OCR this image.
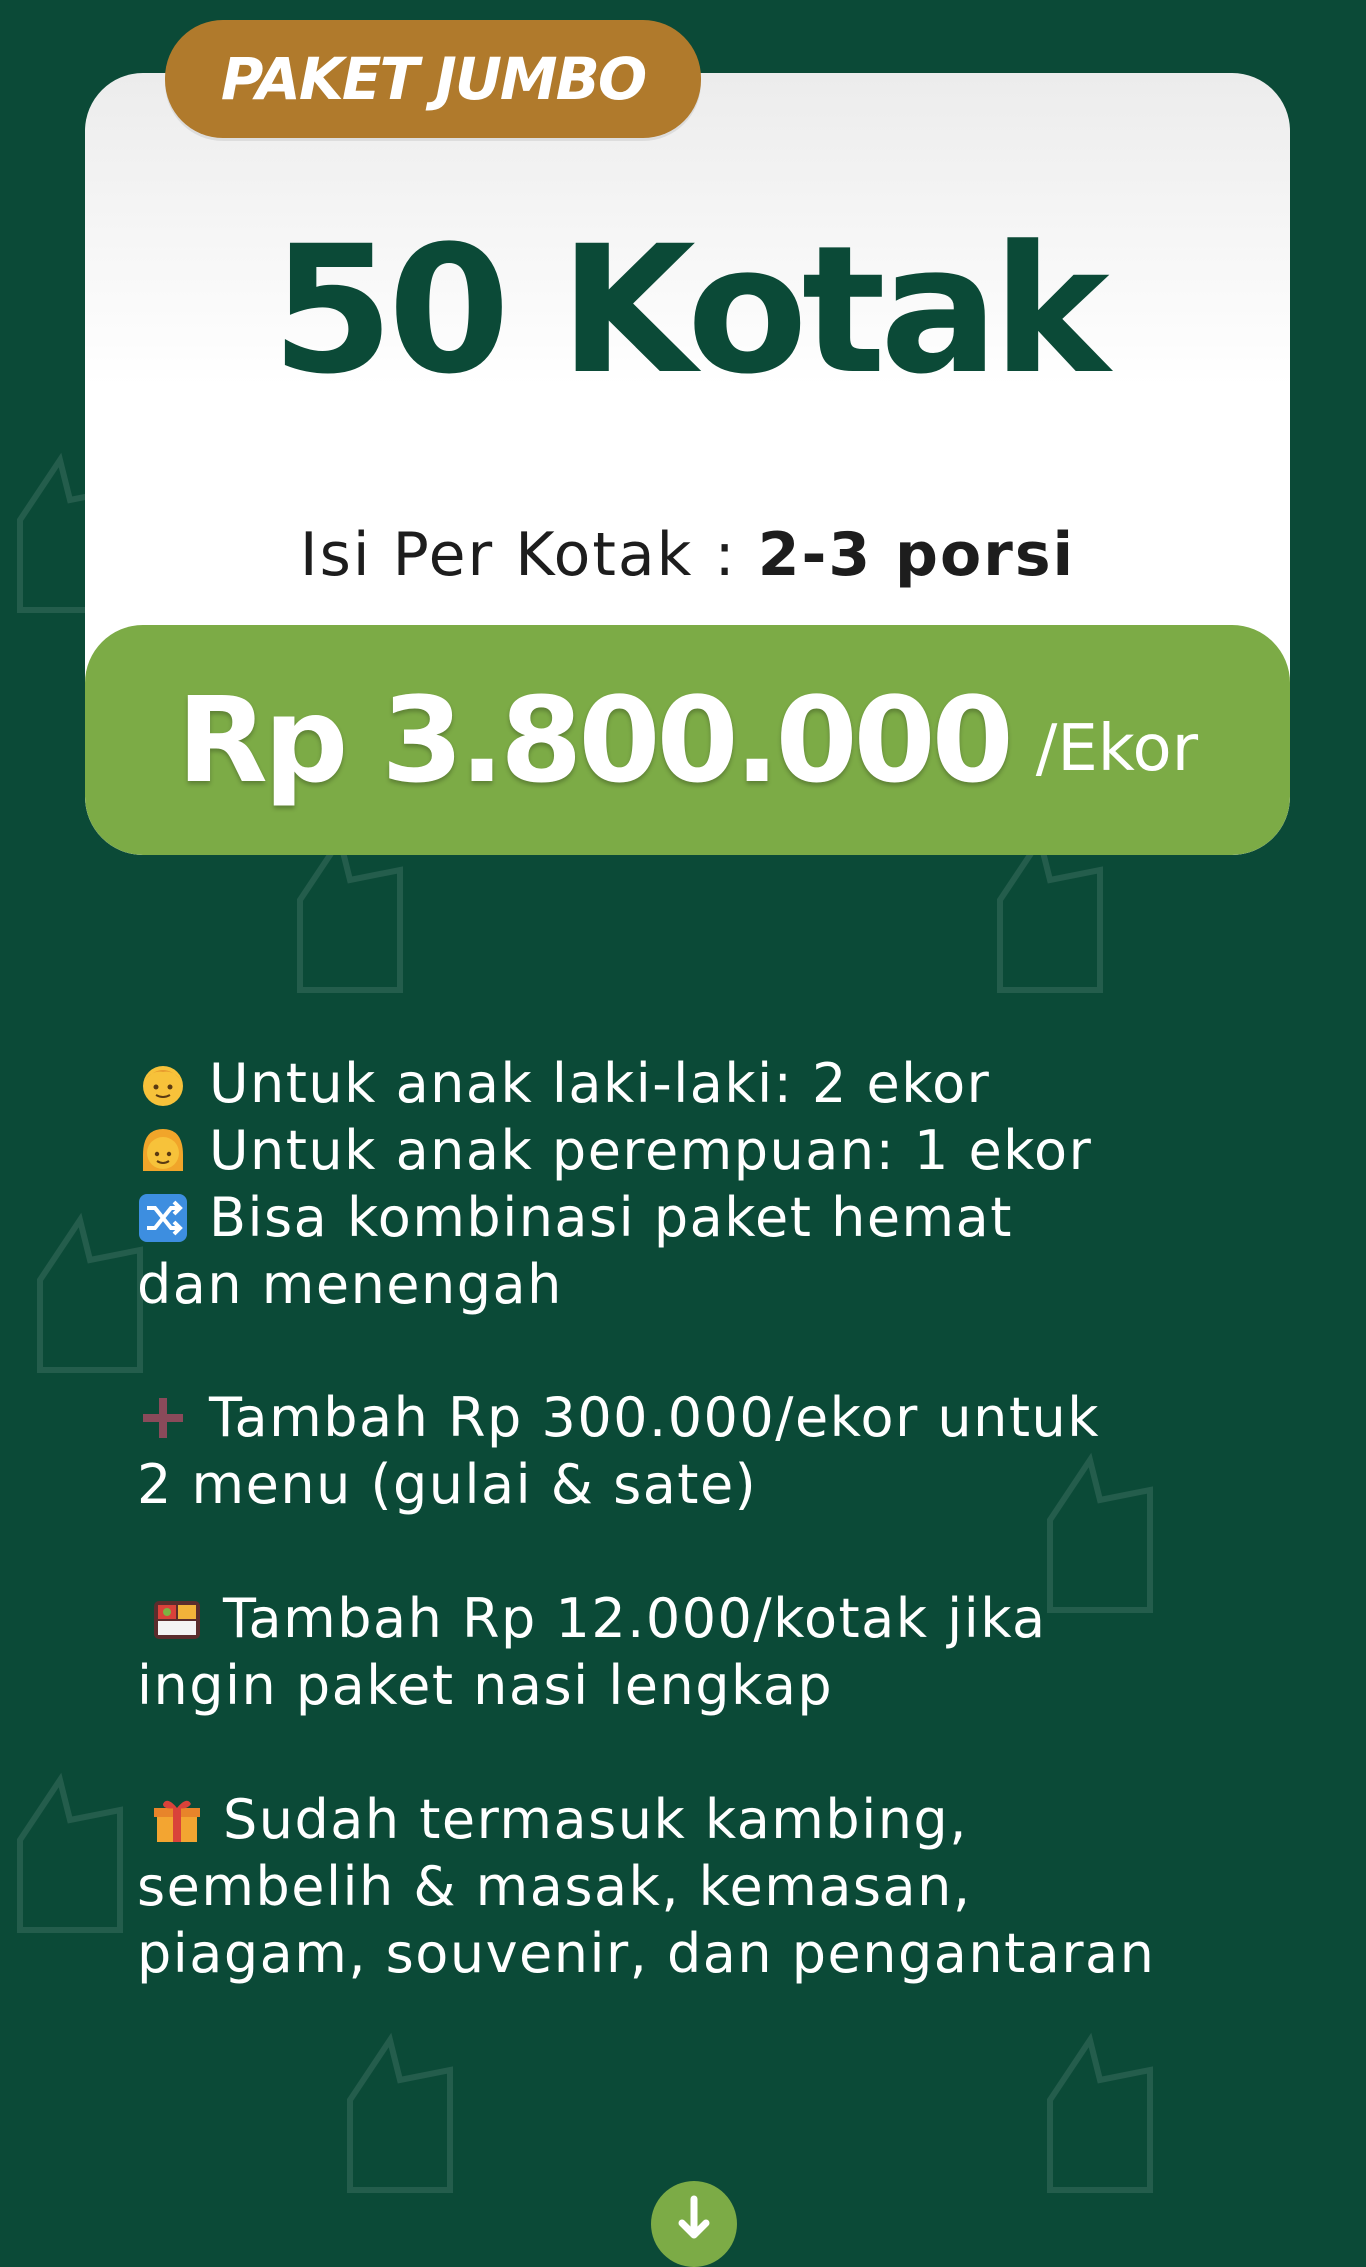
PAKET JUMBO
50 Kotak
Isi Per Kotak : 2-3 porsi
Rp 3.800.000 /Ekor
Untuk anak laki-laki: 2 ekor
Untuk anak perempuan: 1 ekor
Bisa kombinasi paket hemat
dan menengah
Tambah Rp 300.000/ekor untuk
2 menu (gulai & sate)
Tambah Rp 12.000/kotak jika
ingin paket nasi lengkap
Sudah termasuk kambing,
sembelih & masak, kemasan,
piagam, souvenir, dan pengantaran
